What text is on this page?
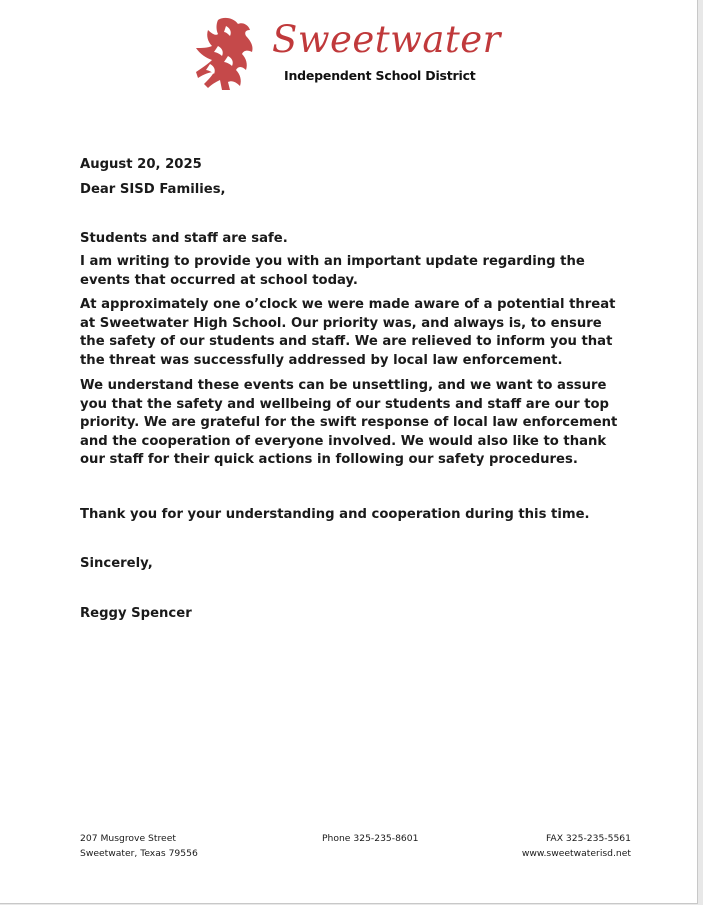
Sweetwater
Independent School District

August 20, 2025

Dear SISD Families,

Students and staff are safe.

I am writing to provide you with an important update regarding the events that occurred at school today.

At approximately one o’clock we were made aware of a potential threat at Sweetwater High School. Our priority was, and always is, to ensure the safety of our students and staff. We are relieved to inform you that the threat was successfully addressed by local law enforcement.

We understand these events can be unsettling, and we want to assure you that the safety and wellbeing of our students and staff are our top priority. We are grateful for the swift response of local law enforcement and the cooperation of everyone involved. We would also like to thank our staff for their quick actions in following our safety procedures.

Thank you for your understanding and cooperation during this time.

Sincerely,

Reggy Spencer

207 Musgrove Street
Sweetwater, Texas 79556
Phone 325-235-8601	FAX 325-235-5561
www.sweetwaterisd.net
